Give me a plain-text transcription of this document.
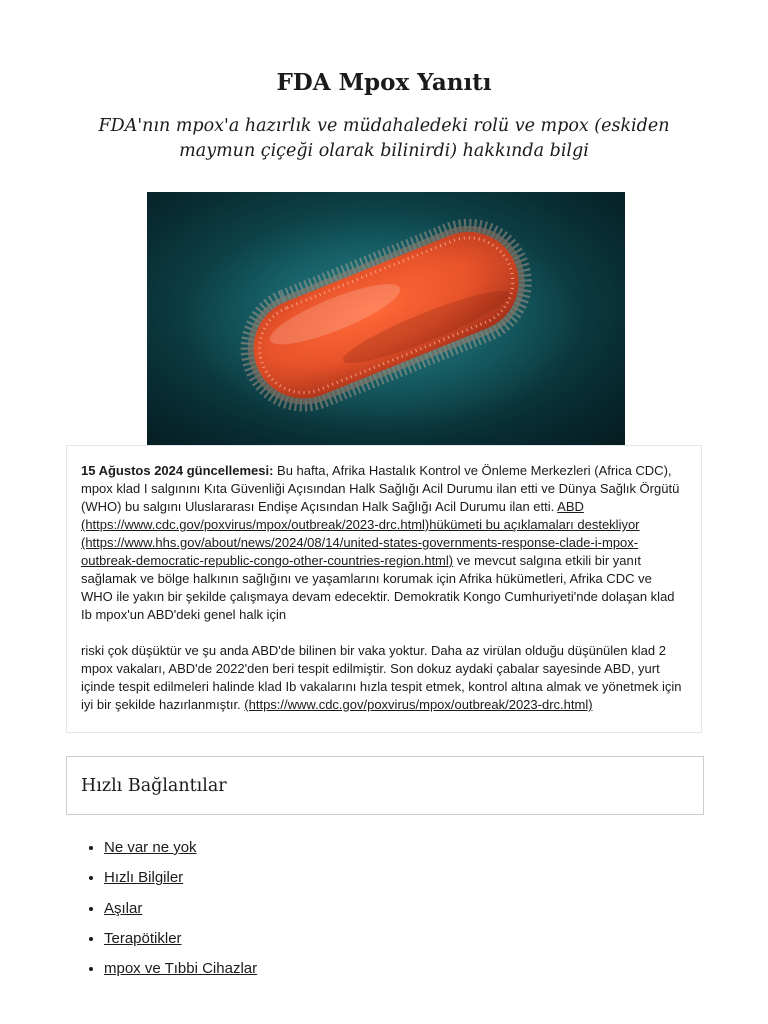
FDA Mpox Yanıtı

FDA'nın mpox'a hazırlık ve müdahaledeki rolü ve mpox (eskiden maymun çiçeği olarak bilinirdi) hakkında bilgi

15 Ağustos 2024 güncellemesi: Bu hafta, Afrika Hastalık Kontrol ve Önleme Merkezleri (Africa CDC), mpox klad I salgınını Kıta Güvenliği Açısından Halk Sağlığı Acil Durumu ilan etti ve Dünya Sağlık Örgütü (WHO) bu salgını Uluslararası Endişe Açısından Halk Sağlığı Acil Durumu ilan etti. ABD (https://www.cdc.gov/poxvirus/mpox/outbreak/2023-drc.html)hükümeti bu açıklamaları destekliyor (https://www.hhs.gov/about/news/2024/08/14/united-states-governments-response-clade-i-mpox-outbreak-democratic-republic-congo-other-countries-region.html) ve mevcut salgına etkili bir yanıt sağlamak ve bölge halkının sağlığını ve yaşamlarını korumak için Afrika hükümetleri, Afrika CDC ve WHO ile yakın bir şekilde çalışmaya devam edecektir. Demokratik Kongo Cumhuriyeti'nde dolaşan klad Ib mpox'un ABD'deki genel halk için

riski çok düşüktür ve şu anda ABD'de bilinen bir vaka yoktur. Daha az virülan olduğu düşünülen klad 2 mpox vakaları, ABD'de 2022'den beri tespit edilmiştir. Son dokuz aydaki çabalar sayesinde ABD, yurt içinde tespit edilmeleri halinde klad Ib vakalarını hızla tespit etmek, kontrol altına almak ve yönetmek için iyi bir şekilde hazırlanmıştır. (https://www.cdc.gov/poxvirus/mpox/outbreak/2023-drc.html)

Hızlı Bağlantılar
• Ne var ne yok
• Hızlı Bilgiler
• Aşılar
• Terapötikler
• mpox ve Tıbbi Cihazlar
